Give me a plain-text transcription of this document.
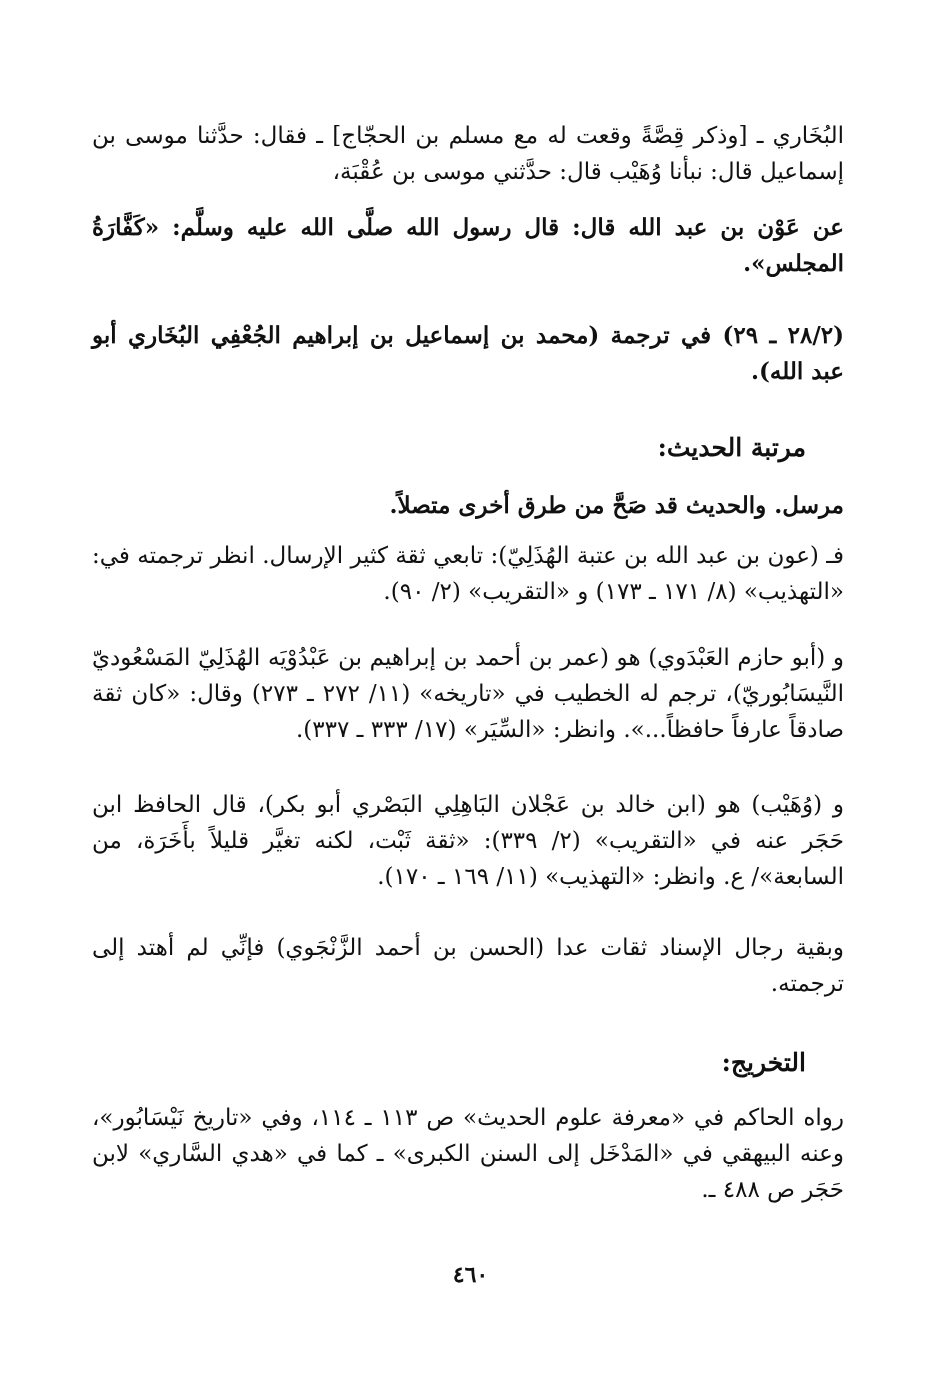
البُخَاري ـ [وذكر قِصَّةً وقعت له مع مسلم بن الحجّاج] ـ فقال: حدَّثنا موسى بن إسماعيل قال: نبأنا وُهَيْب قال: حدَّثني موسى بن عُقْبَة،

عن عَوْن بن عبد الله قال: قال رسول الله صلَّى الله عليه وسلَّم: «كَفَّارَةُ المجلس».

(٢٨/٢ ـ ٢٩) في ترجمة (محمد بن إسماعيل بن إبراهيم الجُعْفِي البُخَاري أبو عبد الله).

مرتبة الحديث:

مرسل. والحديث قد صَحَّ من طرق أخرى متصلاً.

فـ (عون بن عبد الله بن عتبة الهُذَلِيّ): تابعي ثقة كثير الإرسال. انظر ترجمته في: «التهذيب» (٨/ ١٧١ ـ ١٧٣) و «التقريب» (٢/ ٩٠).

و (أبو حازم العَبْدَوي) هو (عمر بن أحمد بن إبراهيم بن عَبْدُوْيَه الهُذَلِيّ المَسْعُوديّ النَّيسَابُوريّ)، ترجم له الخطيب في «تاريخه» (١١/ ٢٧٢ ـ ٢٧٣) وقال: «كان ثقة صادقاً عارفاً حافظاً...». وانظر: «السِّيَر» (١٧/ ٣٣٣ ـ ٣٣٧).

و (وُهَيْب) هو (ابن خالد بن عَجْلان البَاهِلِي البَصْري أبو بكر)، قال الحافظ ابن حَجَر عنه في «التقريب» (٢/ ٣٣٩): «ثقة ثَبْت، لكنه تغيَّر قليلاً بأَخَرَة، من السابعة»/ ع. وانظر: «التهذيب» (١١/ ١٦٩ ـ ١٧٠).

وبقية رجال الإسناد ثقات عدا (الحسن بن أحمد الزَّنْجَوي) فإنِّي لم أهتد إلى ترجمته.

التخريج:

رواه الحاكم في «معرفة علوم الحديث» ص ١١٣ ـ ١١٤، وفي «تاريخ نَيْسَابُور»، وعنه البيهقي في «المَدْخَل إلى السنن الكبرى» ـ كما في «هدي السَّاري» لابن حَجَر ص ٤٨٨ ـ.

٤٦٠
